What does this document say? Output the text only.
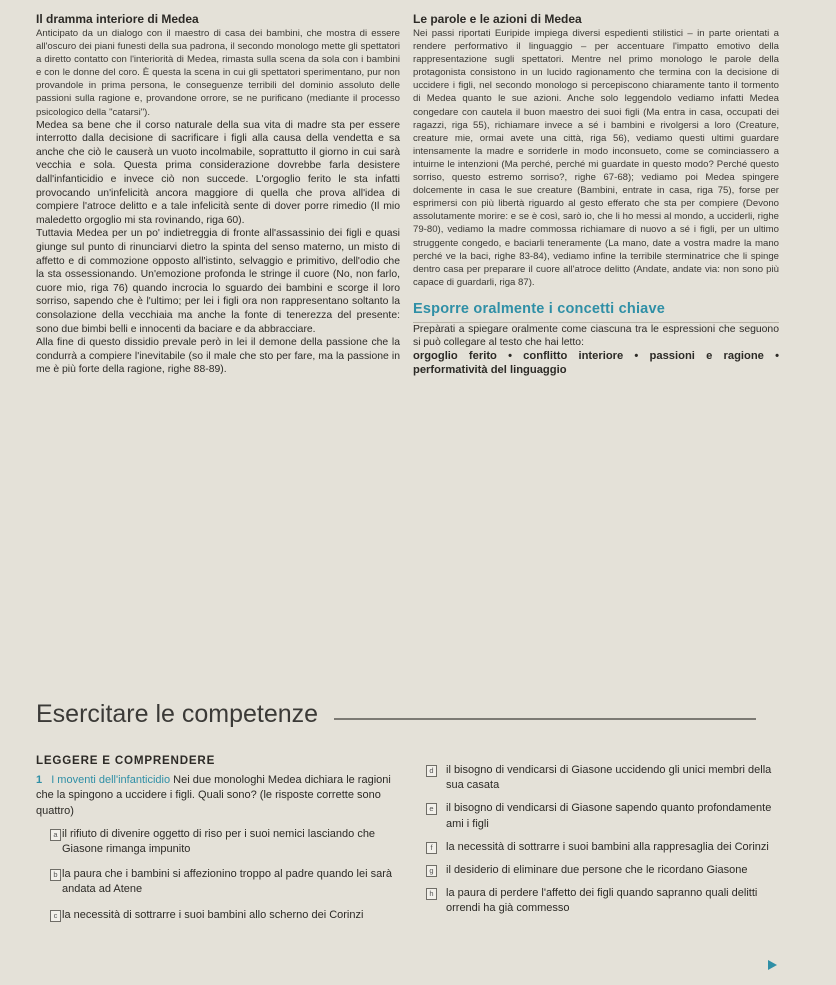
Il dramma interiore di Medea

Anticipato da un dialogo con il maestro di casa dei bambini, che mostra di essere all'oscuro dei piani funesti della sua padrona, il secondo monologo mette gli spettatori a diretto contatto con l'interiorità di Medea, rimasta sulla scena da sola con i bambini e con le donne del coro. È questa la scena in cui gli spettatori sperimentano, pur non provandole in prima persona, le conseguenze terribili del dominio assoluto delle passioni sulla ragione e, provandone orrore, se ne purificano (mediante il processo psicologico della "catarsi").

Medea sa bene che il corso naturale della sua vita di madre sta per essere interrotto dalla decisione di sacrificare i figli alla causa della vendetta e sa anche che ciò le causerà un vuoto incolmabile, soprattutto il giorno in cui sarà vecchia e sola. Questa prima considerazione dovrebbe farla desistere dall'infanticidio e invece ciò non succede. L'orgoglio ferito le sta infatti provocando un'infelicità ancora maggiore di quella che prova all'idea di compiere l'atroce delitto e a tale infelicità sente di dover porre rimedio (Il mio maledetto orgoglio mi sta rovinando, riga 60).

Tuttavia Medea per un po' indietreggia di fronte all'assassinio dei figli e quasi giunge sul punto di rinunciarvi dietro la spinta del senso materno, un misto di affetto e di commozione opposto all'istinto, selvaggio e primitivo, dell'odio che la sta ossessionando. Un'emozione profonda le stringe il cuore (No, non farlo, cuore mio, riga 76) quando incrocia lo sguardo dei bambini e scorge il loro sorriso, sapendo che è l'ultimo; per lei i figli ora non rappresentano soltanto la consolazione della vecchiaia ma anche la fonte di tenerezza del presente: sono due bimbi belli e innocenti da baciare e da abbracciare.

Alla fine di questo dissidio prevale però in lei il demone della passione che la condurrà a compiere l'inevitabile (so il male che sto per fare, ma la passione in me è più forte della ragione, righe 88-89).

Le parole e le azioni di Medea

Nei passi riportati Euripide impiega diversi espedienti stilistici – in parte orientati a rendere performativo il linguaggio – per accentuare l'impatto emotivo della rappresentazione sugli spettatori. Mentre nel primo monologo le parole della protagonista consistono in un lucido ragionamento che termina con la decisione di uccidere i figli, nel secondo monologo si percepiscono chiaramente tanto il tormento di Medea quanto le sue azioni. Anche solo leggendolo vediamo infatti Medea congedare con cautela il buon maestro dei suoi figli (Ma entra in casa, occupati dei ragazzi, riga 55), richiamare invece a sé i bambini e rivolgersi a loro (Creature, creature mie, ormai avete una città, riga 56), vediamo questi ultimi guardare intensamente la madre e sorriderle in modo inconsueto, come se cominciassero a intuirne le intenzioni (Ma perché, perché mi guardate in questo modo? Perché questo sorriso, questo estremo sorriso?, righe 67-68); vediamo poi Medea spingere dolcemente in casa le sue creature (Bambini, entrate in casa, riga 75), forse per esprimersi con più libertà riguardo al gesto efferato che sta per compiere (Devono assolutamente morire: e se è così, sarò io, che li ho messi al mondo, a ucciderli, righe 79-80), vediamo la madre commossa richiamare di nuovo a sé i figli, per un ultimo struggente congedo, e baciarli teneramente (La mano, date a vostra madre la mano perché ve la baci, righe 83-84), vediamo infine la terribile sterminatrice che li spinge dentro casa per preparare il cuore all'atroce delitto (Andate, andate via: non sono più capace di guardarli, riga 87).

Esporre oralmente i concetti chiave

Prepàrati a spiegare oralmente come ciascuna tra le espressioni che seguono si può collegare al testo che hai letto:

orgoglio ferito • conflitto interiore • passioni e ragione • performatività del linguaggio

Esercitare le competenze
LEGGERE E COMPRENDERE
1 I moventi dell'infanticidio Nei due monologhi Medea dichiara le ragioni che la spingono a uccidere i figli. Quali sono? (le risposte corrette sono quattro)
a il rifiuto di divenire oggetto di riso per i suoi nemici lasciando che Giasone rimanga impunito
b la paura che i bambini si affezionino troppo al padre quando lei sarà andata ad Atene
c la necessità di sottrarre i suoi bambini allo scherno dei Corinzi
d	il bisogno di vendicarsi di Giasone uccidendo gli unici membri della sua casata
e	il bisogno di vendicarsi di Giasone sapendo quanto profondamente ami i figli
f	la necessità di sottrarre i suoi bambini alla rappresaglia dei Corinzi
g	il desiderio di eliminare due persone che le ricordano Giasone
h	la paura di perdere l'affetto dei figli quando sapranno quali delitti orrendi ha già commesso
